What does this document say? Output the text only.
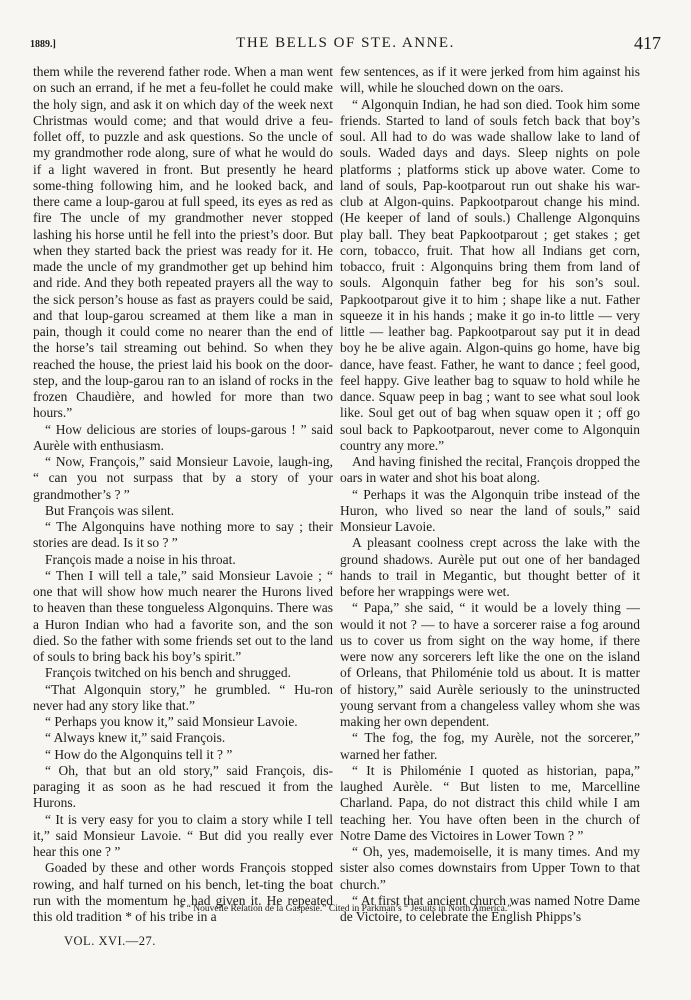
1889.]	THE BELLS OF STE. ANNE.	417

them while the reverend father rode. When a man went on such an errand, if he met a feu-follet he could make the holy sign, and ask it on which day of the week next Christmas would come; and that would drive a feu-follet off, to puzzle and ask questions. So the uncle of my grandmother rode along, sure of what he would do if a light wavered in front. But presently he heard some-thing following him, and he looked back, and there came a loup-garou at full speed, its eyes as red as fire The uncle of my grandmother never stopped lashing his horse until he fell into the priest’s door. But when they started back the priest was ready for it. He made the uncle of my grandmother get up behind him and ride. And they both repeated prayers all the way to the sick person’s house as fast as prayers could be said, and that loup-garou screamed at them like a man in pain, though it could come no nearer than the end of the horse’s tail streaming out behind. So when they reached the house, the priest laid his book on the door-step, and the loup-garou ran to an island of rocks in the frozen Chaudière, and howled for more than two hours.”

“ How delicious are stories of loups-garous ! ” said Aurèle with enthusiasm.

“ Now, François,” said Monsieur Lavoie, laugh-ing, “ can you not surpass that by a story of your grandmother’s ? ”

But François was silent.

“ The Algonquins have nothing more to say ; their stories are dead. Is it so ? ”

François made a noise in his throat.

“ Then I will tell a tale,” said Monsieur Lavoie ; “ one that will show how much nearer the Hurons lived to heaven than these tongueless Algonquins. There was a Huron Indian who had a favorite son, and the son died. So the father with some friends set out to the land of souls to bring back his boy’s spirit.”

François twitched on his bench and shrugged.

“That Algonquin story,” he grumbled. “ Hu-ron never had any story like that.”

“ Perhaps you know it,” said Monsieur Lavoie.

“ Always knew it,” said François.

“ How do the Algonquins tell it ? ”

“ Oh, that but an old story,” said François, dis-paraging it as soon as he had rescued it from the Hurons.

“ It is very easy for you to claim a story while I tell it,” said Monsieur Lavoie. “ But did you really ever hear this one ? ”

Goaded by these and other words François stopped rowing, and half turned on his bench, let-ting the boat run with the momentum he had given it. He repeated this old tradition * of his tribe in a

few sentences, as if it were jerked from him against his will, while he slouched down on the oars.

“ Algonquin Indian, he had son died. Took him some friends. Started to land of souls fetch back that boy’s soul. All had to do was wade shallow lake to land of souls. Waded days and days. Sleep nights on pole platforms ; platforms stick up above water. Come to land of souls, Pap-kootparout run out shake his war-club at Algon-quins. Papkootparout change his mind. (He keeper of land of souls.) Challenge Algonquins play ball. They beat Papkootparout ; get stakes ; get corn, tobacco, fruit. That how all Indians get corn, tobacco, fruit : Algonquins bring them from land of souls. Algonquin father beg for his son’s soul. Papkootparout give it to him ; shape like a nut. Father squeeze it in his hands ; make it go in-to little — very little — leather bag. Papkootparout say put it in dead boy he be alive again. Algon-quins go home, have big dance, have feast. Father, he want to dance ; feel good, feel happy. Give leather bag to squaw to hold while he dance. Squaw peep in bag ; want to see what soul look like. Soul get out of bag when squaw open it ; off go soul back to Papkootparout, never come to Algonquin country any more.”

And having finished the recital, François dropped the oars in water and shot his boat along.

“ Perhaps it was the Algonquin tribe instead of the Huron, who lived so near the land of souls,” said Monsieur Lavoie.

A pleasant coolness crept across the lake with the ground shadows. Aurèle put out one of her bandaged hands to trail in Megantic, but thought better of it before her wrappings were wet.

“ Papa,” she said, “ it would be a lovely thing — would it not ? — to have a sorcerer raise a fog around us to cover us from sight on the way home, if there were now any sorcerers left like the one on the island of Orleans, that Philoménie told us about. It is matter of history,” said Aurèle seriously to the uninstructed young servant from a changeless valley whom she was making her own dependent.

“ The fog, the fog, my Aurèle, not the sorcerer,” warned her father.

“ It is Philoménie I quoted as historian, papa,” laughed Aurèle. “ But listen to me, Marcelline Charland. Papa, do not distract this child while I am teaching her. You have often been in the church of Notre Dame des Victoires in Lower Town ? ”

“ Oh, yes, mademoiselle, it is many times. And my sister also comes downstairs from Upper Town to that church.”

“ At first that ancient church was named Notre Dame de Victoire, to celebrate the English Phipps’s

* “ Nouvelle Relation de la Gaspésie.” Cited in Parkman’s “ Jesuits in North America.”
VOL. XVI.—27.
